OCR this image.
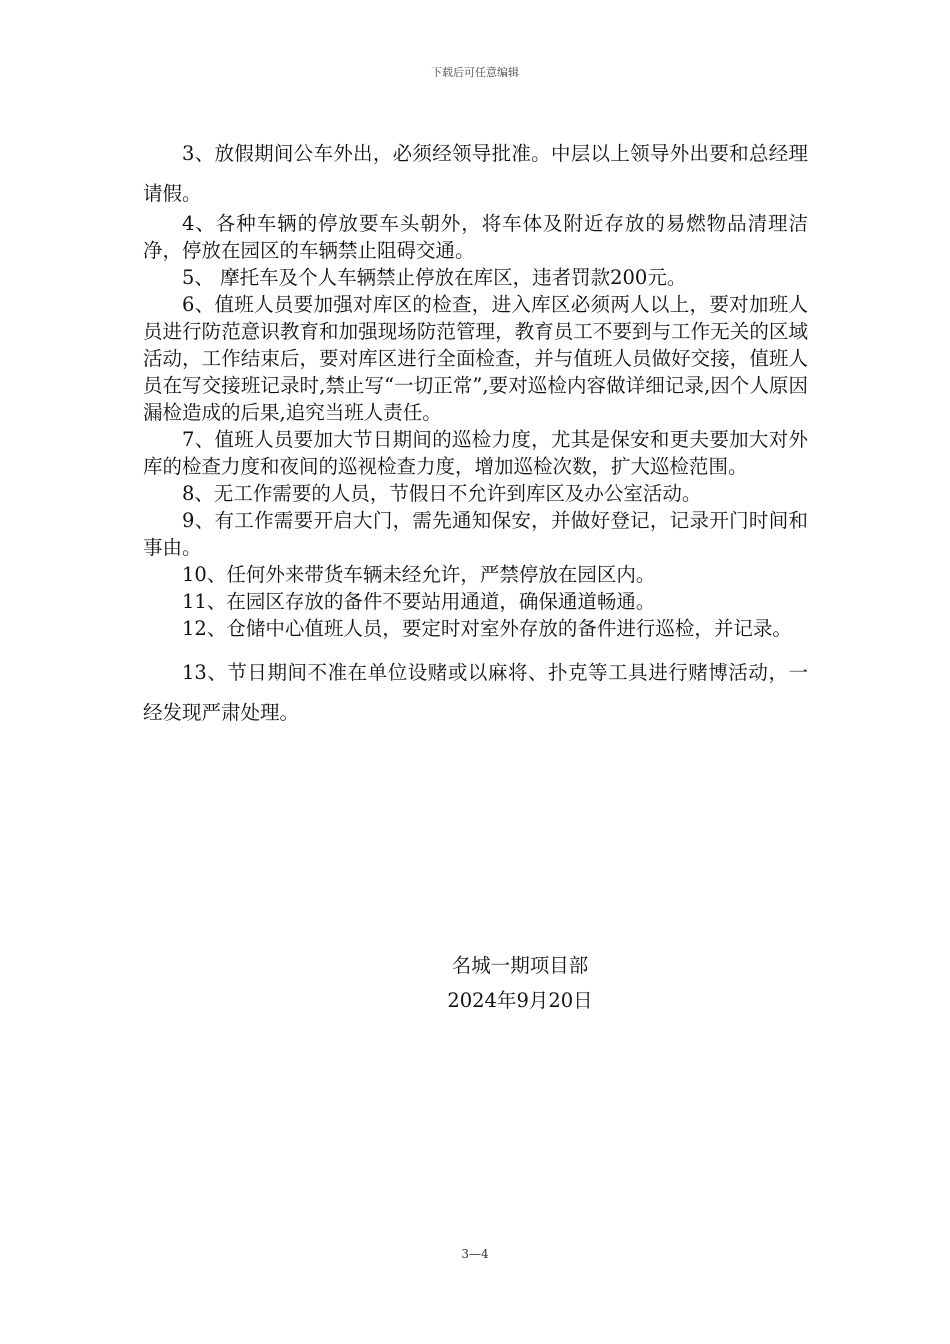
下载后可任意编辑

3、放假期间公车外出，必须经领导批准。中层以上领导外出要和总经理请假。

4、各种车辆的停放要车头朝外，将车体及附近存放的易燃物品清理洁净，停放在园区的车辆禁止阻碍交通。

5、 摩托车及个人车辆禁止停放在库区，违者罚款200元。

6、值班人员要加强对库区的检查，进入库区必须两人以上，要对加班人员进行防范意识教育和加强现场防范管理，教育员工不要到与工作无关的区域活动，工作结束后，要对库区进行全面检查，并与值班人员做好交接，值班人员在写交接班记录时,禁止写“一切正常”,要对巡检内容做详细记录,因个人原因漏检造成的后果,追究当班人责任。

7、值班人员要加大节日期间的巡检力度，尤其是保安和更夫要加大对外库的检查力度和夜间的巡视检查力度，增加巡检次数，扩大巡检范围。

8、无工作需要的人员，节假日不允许到库区及办公室活动。

9、有工作需要开启大门，需先通知保安，并做好登记，记录开门时间和事由。

10、任何外来带货车辆未经允许，严禁停放在园区内。

11、在园区存放的备件不要站用通道，确保通道畅通。

12、仓储中心值班人员，要定时对室外存放的备件进行巡检，并记录。

13、节日期间不准在单位设赌或以麻将、扑克等工具进行赌博活动，一经发现严肃处理。

名城一期项目部
2024年9月20日
3—4
